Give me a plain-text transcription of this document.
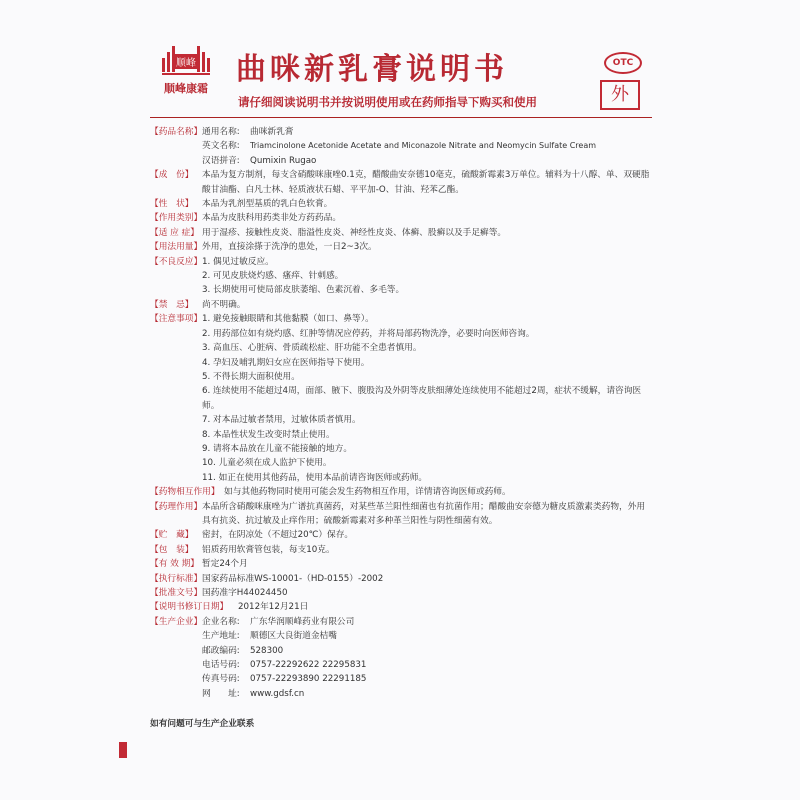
顺峰
顺峰康霜
曲咪新乳膏说明书
请仔细阅读说明书并按说明使用或在药师指导下购买和使用
OTC
外
【药品名称】 通用名称:	曲咪新乳膏
英文名称:	Triamcinolone Acetonide Acetate and Miconazole Nitrate and Neomycin Sulfate Cream
汉语拼音:	Qumixin Rugao
【成　份】 本品为复方制剂，每支含硝酸咪康唑0.1克，醋酸曲安奈德10毫克，硫酸新霉素3万单位。辅料为十八醇、单、双硬脂酸甘油酯、白凡士林、轻质液状石蜡、平平加-O、甘油、羟苯乙酯。
【性　状】 本品为乳剂型基质的乳白色软膏。
【作用类别】 本品为皮肤科用药类非处方药药品。
【适 应 症】 用于湿疹、接触性皮炎、脂溢性皮炎、神经性皮炎、体癣、股癣以及手足癣等。
【用法用量】 外用，直接涂搽于洗净的患处，一日2~3次。
【不良反应】 1. 偶见过敏反应。
2. 可见皮肤烧灼感、瘙痒、针刺感。
3. 长期使用可使局部皮肤萎缩、色素沉着、多毛等。
【禁　忌】 尚不明确。
【注意事项】 1. 避免接触眼睛和其他黏膜（如口、鼻等）。
2. 用药部位如有烧灼感、红肿等情况应停药，并将局部药物洗净，必要时向医师咨询。
3. 高血压、心脏病、骨质疏松症、肝功能不全患者慎用。
4. 孕妇及哺乳期妇女应在医师指导下使用。
5. 不得长期大面积使用。
6. 连续使用不能超过4周，面部、腋下、腹股沟及外阴等皮肤细薄处连续使用不能超过2周，症状不缓解，请咨询医师。
7. 对本品过敏者禁用，过敏体质者慎用。
8. 本品性状发生改变时禁止使用。
9. 请将本品放在儿童不能接触的地方。
10. 儿童必须在成人监护下使用。
11. 如正在使用其他药品，使用本品前请咨询医师或药师。
【药物相互作用】 如与其他药物同时使用可能会发生药物相互作用，详情请咨询医师或药师。
【药理作用】 本品所含硝酸咪康唑为广谱抗真菌药，对某些革兰阳性细菌也有抗菌作用；醋酸曲安奈德为糖皮质激素类药物，外用具有抗炎、抗过敏及止痒作用；硫酸新霉素对多种革兰阳性与阴性细菌有效。
【贮　藏】 密封，在阴凉处（不超过20℃）保存。
【包　装】 铝质药用软膏管包装，每支10克。
【有 效 期】 暂定24个月
【执行标准】 国家药品标准WS-10001-（HD-0155）-2002
【批准文号】 国药准字H44024450
【说明书修订日期】	2012年12月21日
【生产企业】 企业名称:	广东华润顺峰药业有限公司
生产地址:	顺德区大良街道金桔嘴
邮政编码:	528300
电话号码:	0757-22292622 22295831
传真号码:	0757-22293890 22291185
网　　址:	www.gdsf.cn
如有问题可与生产企业联系
